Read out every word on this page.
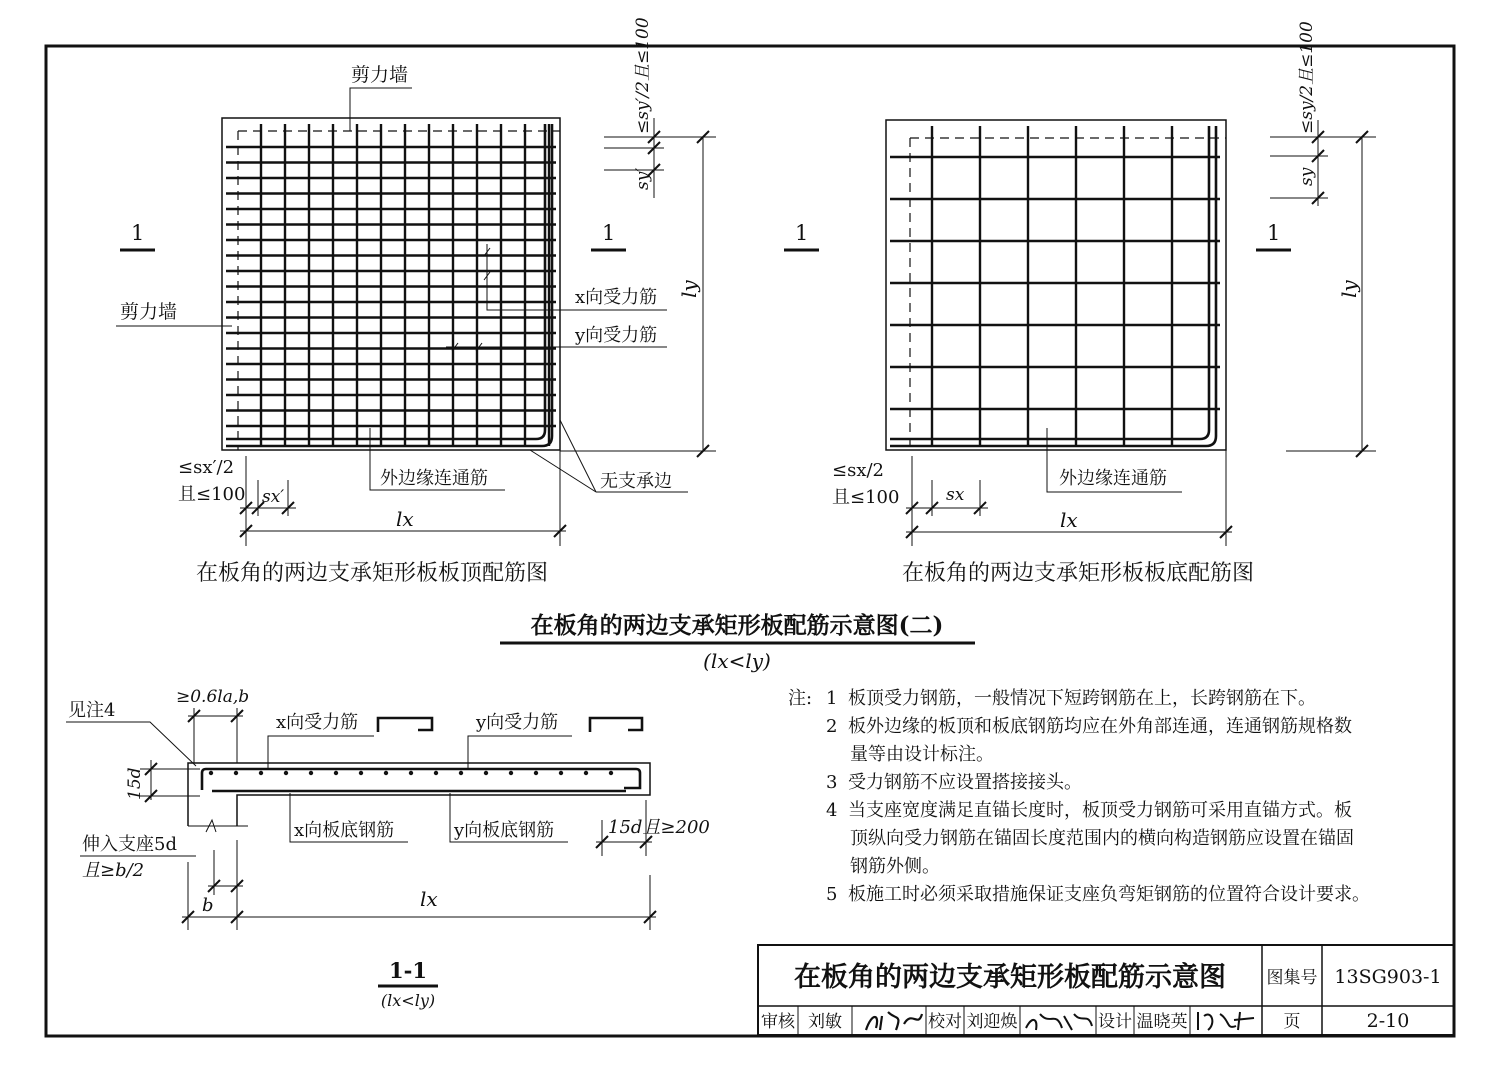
剪力墙
剪力墙
1	1
x向受力筋
y向受力筋
外边缘连通筋	无支承边
ly
≤sy′/2且≤100
sy′
lx
≤sx′/2
且≤100 sx′
在板角的两边支承矩形板板顶配筋图
1	1
外边缘连通筋
ly
≤sy/2且≤100
sy
lx
≤sx/2
且≤100	sx
在板角的两边支承矩形板板底配筋图
在板角的两边支承矩形板配筋示意图(二)
(lx<ly)
见注4
≥0.6la,b
x向受力筋	y向受力筋
x向板底钢筋	y向板底钢筋
15d
15d且≥200
伸入支座5d
且≥b/2
b	lx
1-1
(lx<ly)
注: 1 板顶受力钢筋，一般情况下短跨钢筋在上，长跨钢筋在下。
2 板外边缘的板顶和板底钢筋均应在外角部连通，连通钢筋规格数
量等由设计标注。
3 受力钢筋不应设置搭接接头。
4 当支座宽度满足直锚长度时，板顶受力钢筋可采用直锚方式。板
顶纵向受力钢筋在锚固长度范围内的横向构造钢筋应设置在锚固
钢筋外侧。
5 板施工时必须采取措施保证支座负弯矩钢筋的位置符合设计要求。
在板角的两边支承矩形板配筋示意图 图集号 13SG903-1
审核 刘敏	校对 刘迎焕	设计 温晓英	页	2-10
